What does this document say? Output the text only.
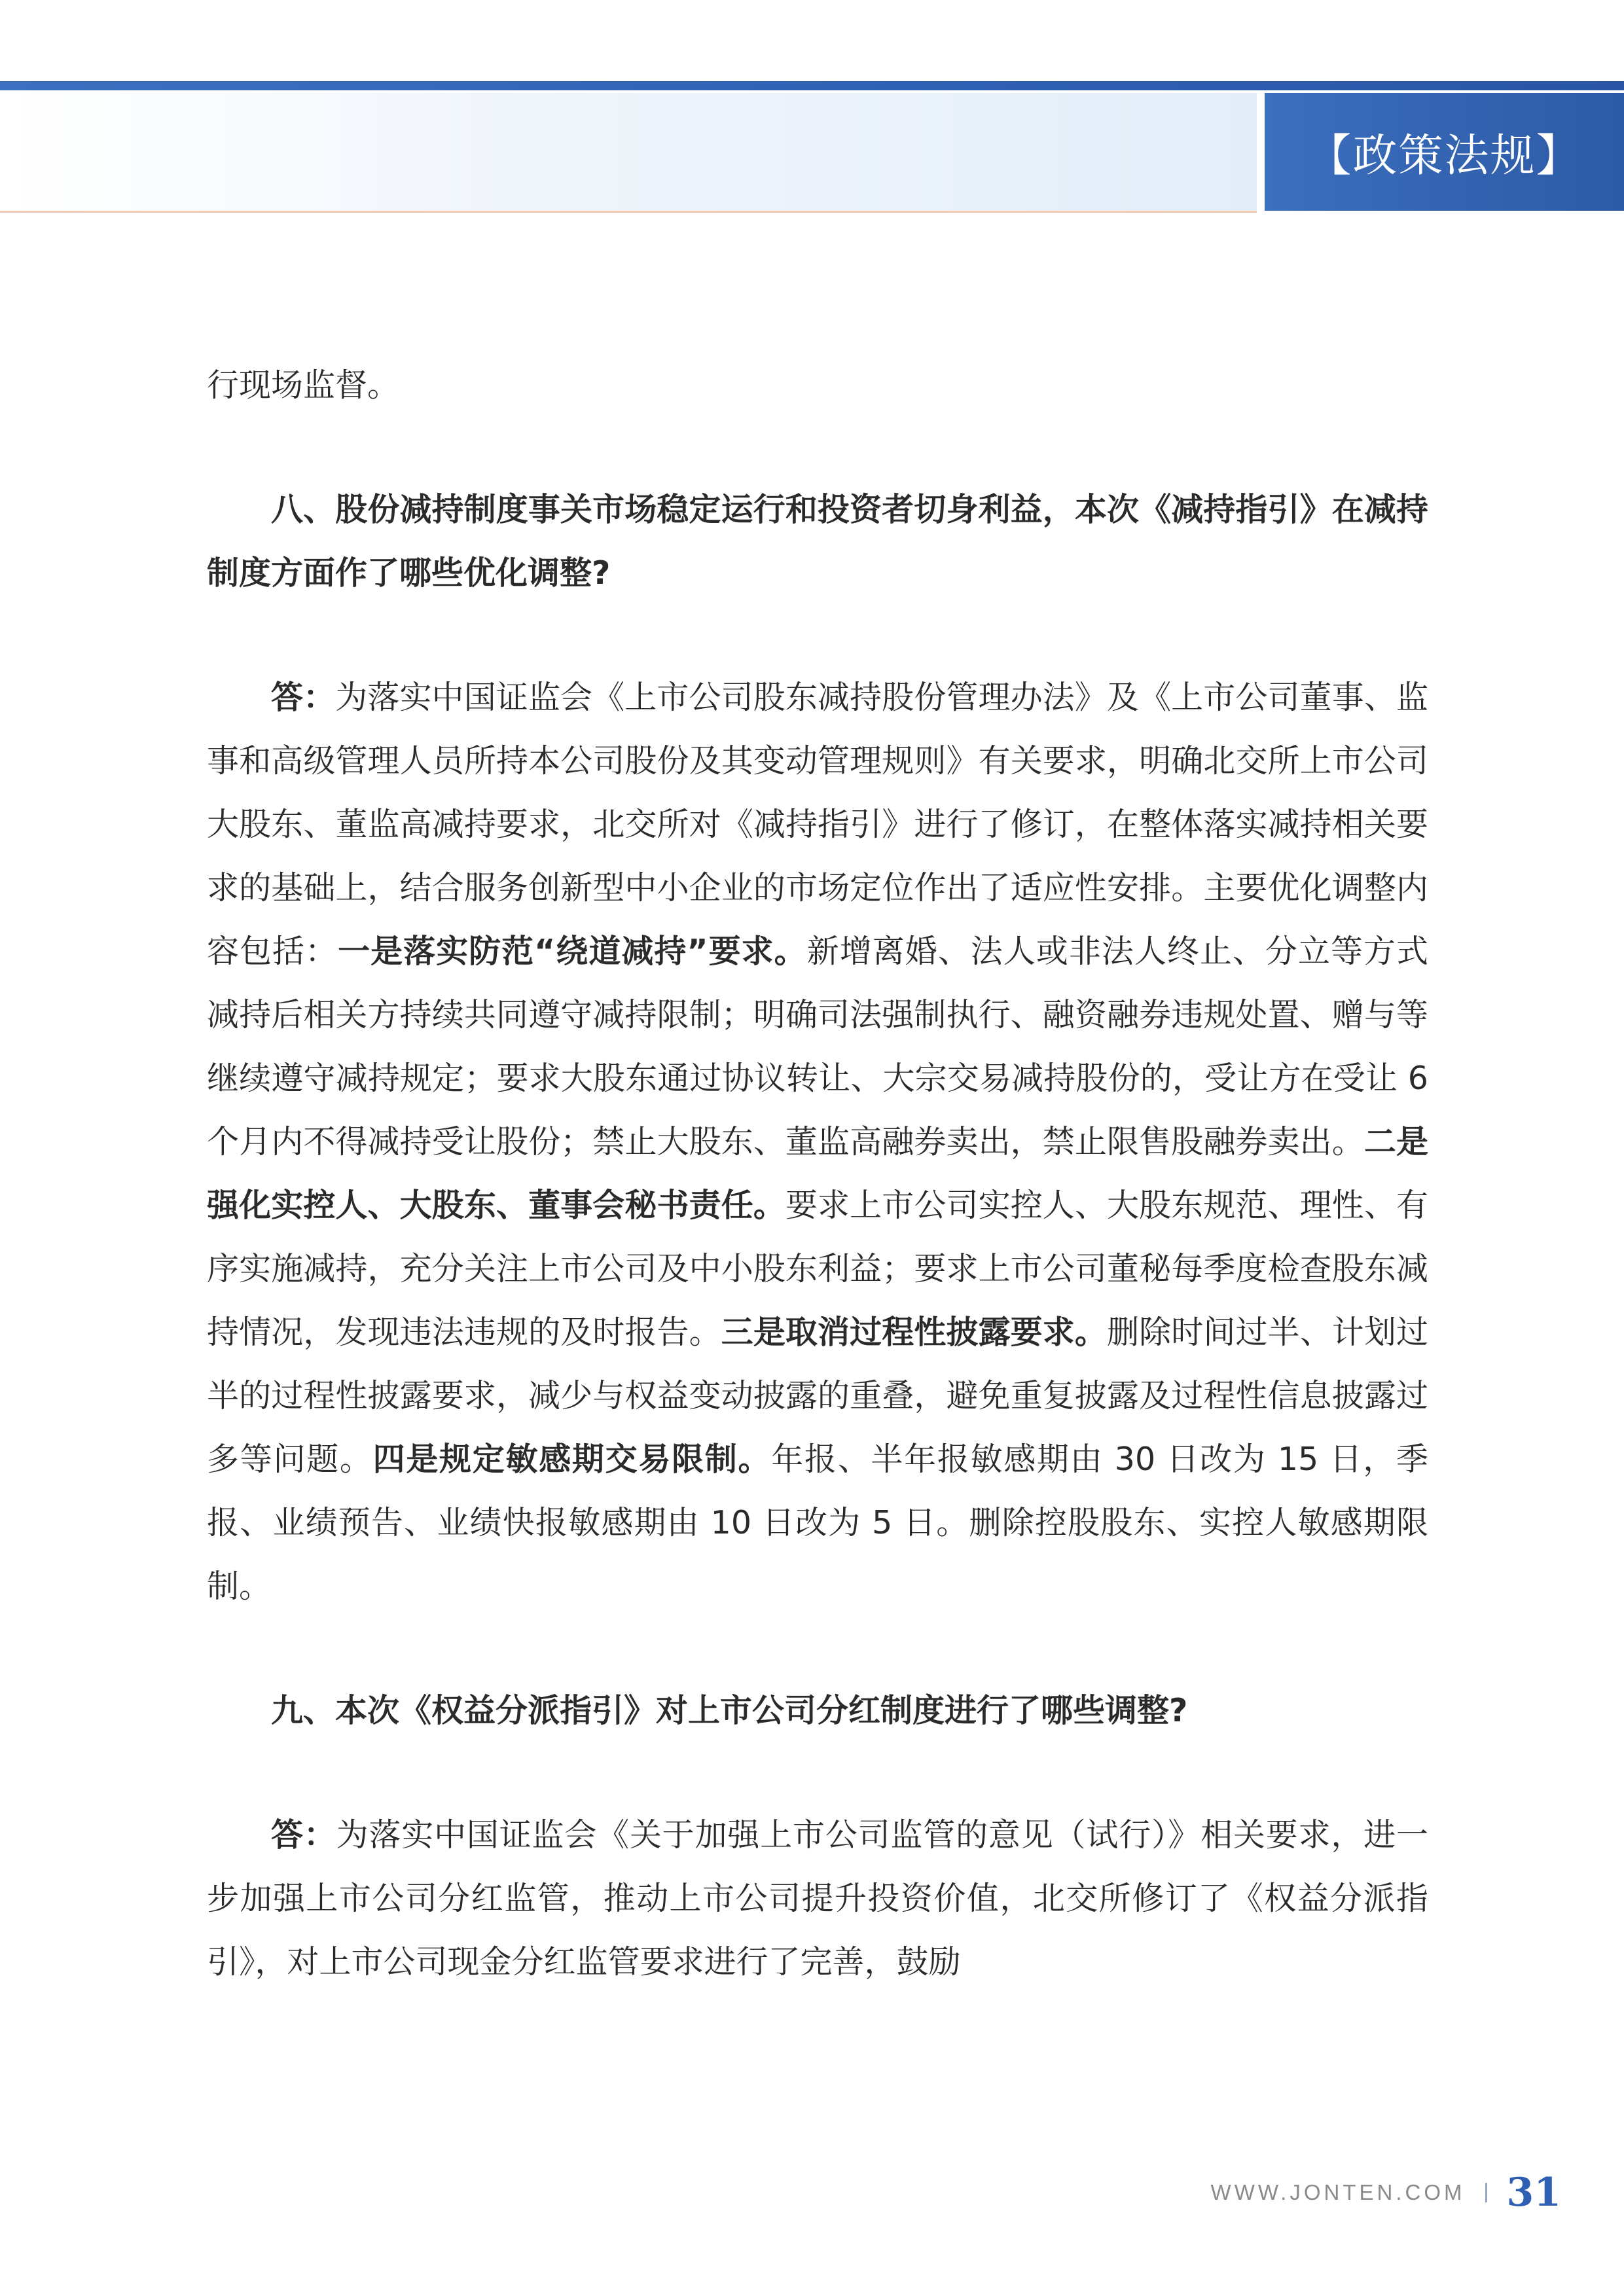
【政策法规】

行现场监督。

八、股份减持制度事关市场稳定运行和投资者切身利益，本次《减持指引》在减持制度方面作了哪些优化调整?

答：为落实中国证监会《上市公司股东减持股份管理办法》及《上市公司董事、监事和高级管理人员所持本公司股份及其变动管理规则》有关要求，明确北交所上市公司大股东、董监高减持要求，北交所对《减持指引》进行了修订，在整体落实减持相关要求的基础上，结合服务创新型中小企业的市场定位作出了适应性安排。主要优化调整内容包括：一是落实防范“绕道减持”要求。新增离婚、法人或非法人终止、分立等方式减持后相关方持续共同遵守减持限制；明确司法强制执行、融资融券违规处置、赠与等继续遵守减持规定；要求大股东通过协议转让、大宗交易减持股份的，受让方在受让 6 个月内不得减持受让股份；禁止大股东、董监高融券卖出，禁止限售股融券卖出。二是强化实控人、大股东、董事会秘书责任。要求上市公司实控人、大股东规范、理性、有序实施减持，充分关注上市公司及中小股东利益；要求上市公司董秘每季度检查股东减持情况，发现违法违规的及时报告。三是取消过程性披露要求。删除时间过半、计划过半的过程性披露要求，减少与权益变动披露的重叠，避免重复披露及过程性信息披露过多等问题。四是规定敏感期交易限制。年报、半年报敏感期由 30 日改为 15 日，季报、业绩预告、业绩快报敏感期由 10 日改为 5 日。删除控股股东、实控人敏感期限制。

九、本次《权益分派指引》对上市公司分红制度进行了哪些调整?

答：为落实中国证监会《关于加强上市公司监管的意见（试行）》相关要求，进一步加强上市公司分红监管，推动上市公司提升投资价值，北交所修订了《权益分派指引》，对上市公司现金分红监管要求进行了完善，鼓励

WWW.JONTEN.COM 31
